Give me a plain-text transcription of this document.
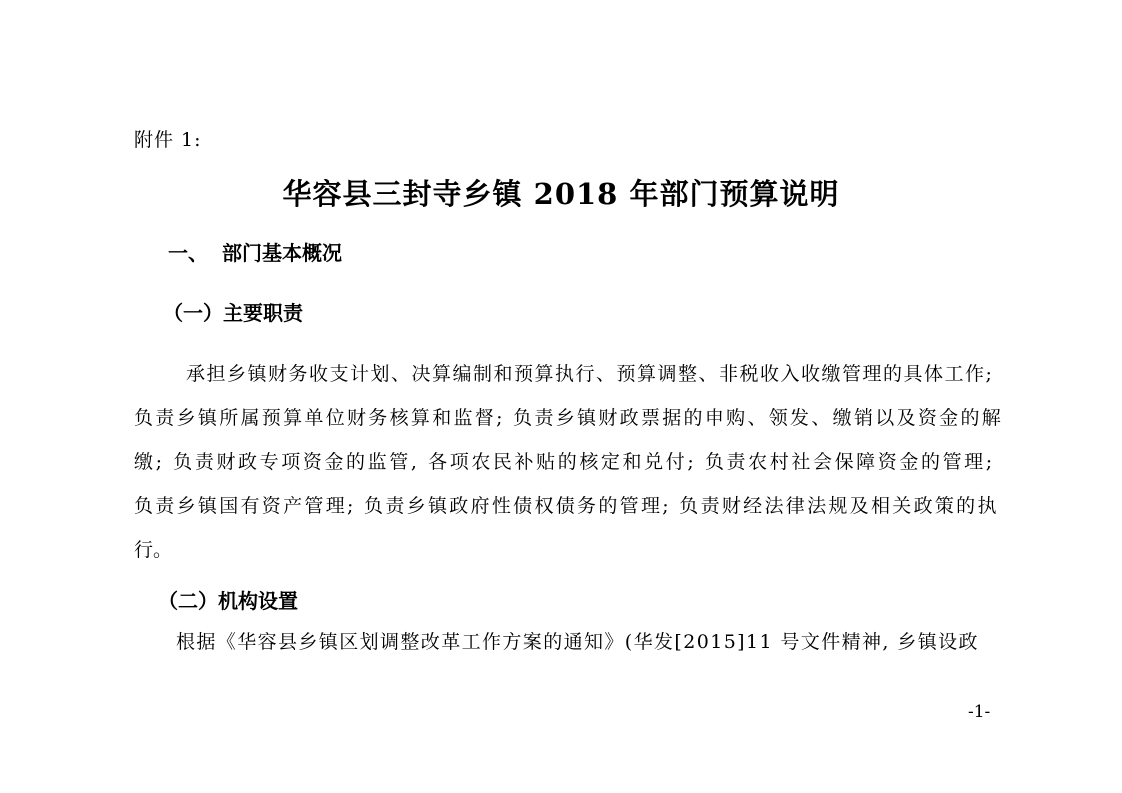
附件 1:
华容县三封寺乡镇 2018 年部门预算说明
一、 部门基本概况
（一）主要职责
承担乡镇财务收支计划、决算编制和预算执行、预算调整、非税收入收缴管理的具体工作;
负责乡镇所属预算单位财务核算和监督; 负责乡镇财政票据的申购、领发、缴销以及资金的解
缴; 负责财政专项资金的监管, 各项农民补贴的核定和兑付; 负责农村社会保障资金的管理;
负责乡镇国有资产管理; 负责乡镇政府性债权债务的管理; 负责财经法律法规及相关政策的执
行。
（二）机构设置
根据《华容县乡镇区划调整改革工作方案的通知》(华发[2015]11 号文件精神, 乡镇设政
-1-
